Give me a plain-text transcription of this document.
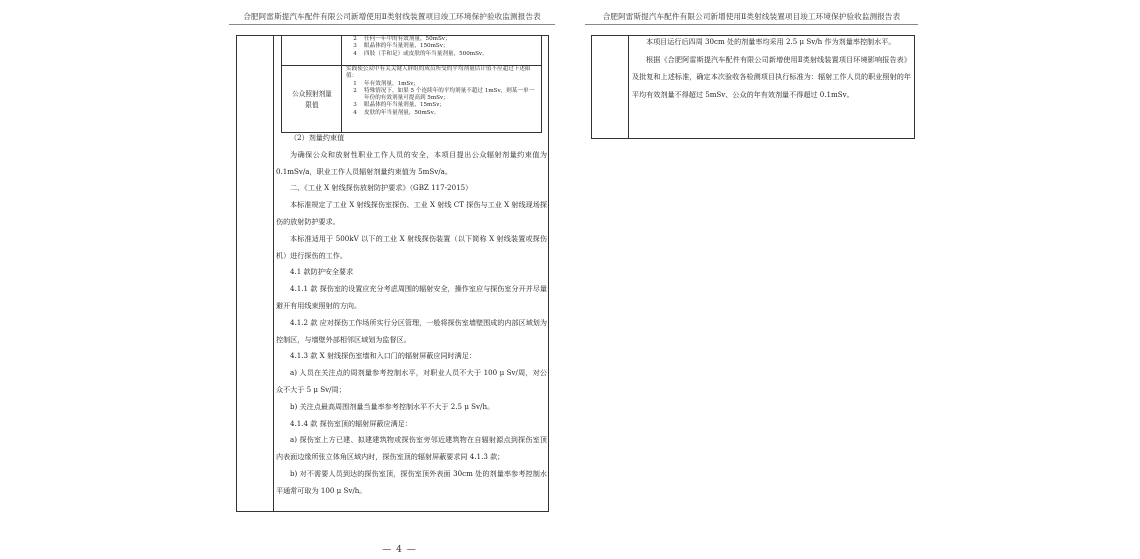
合肥阿雷斯提汽车配件有限公司新增使用Ⅱ类射线装置项目竣工环境保护验收监测报告表
2	任何一年中的有效剂量，50mSv；
3	眼晶体的年当量剂量，150mSv；
4	四肢（手和足）或皮肤的年当量剂量，500mSv。
公众照射剂量限值
实践使公众中有关关键人群组的成员所受的平均剂量估计值不应超过下述限值：
1	年有效剂量，1mSv；
2	特殊情况下，如果 5 个连续年的平均剂量不超过 1mSv，则某一单一年份的有效剂量可提高到 5mSv；
3	眼晶体的年当量剂量，15mSv；
4	皮肤的年当量剂量，50mSv。

（2）剂量约束值

为确保公众和放射性职业工作人员的安全，本项目提出公众辐射剂量约束值为 0.1mSv/a，职业工作人员辐射剂量约束值为 5mSv/a。

二、《工业 X 射线探伤放射防护要求》（GBZ 117-2015）

本标准规定了工业 X 射线探伤室探伤、工业 X 射线 CT 探伤与工业 X 射线现场探伤的放射防护要求。

本标准适用于 500kV 以下的工业 X 射线探伤装置（以下简称 X 射线装置或探伤机）进行探伤的工作。

4.1 款防护安全要求

4.1.1 款 探伤室的设置应充分考虑周围的辐射安全，操作室应与探伤室分开并尽量避开有用线束照射的方向。

4.1.2 款 应对探伤工作场所实行分区管理，一般将探伤室墙壁围成的内部区域划为控制区，与墙壁外部相邻区域划为监督区。

4.1.3 款 X 射线探伤室墙和入口门的辐射屏蔽应同时满足：

a) 人员在关注点的周剂量参考控制水平，对职业人员不大于 100 μ Sv/周，对公众不大于 5 μ Sv/周；

b) 关注点最高周围剂量当量率参考控制水平不大于 2.5 μ Sv/h。

4.1.4 款 探伤室顶的辐射屏蔽应满足：

a) 探伤室上方已建、拟建建筑物或探伤室旁邻近建筑物在自辐射源点到探伤室顶内表面边缘所张立体角区域内时，探伤室顶的辐射屏蔽要求同 4.1.3 款；

b) 对不需要人员到达的探伤室顶，探伤室顶外表面 30cm 处的剂量率参考控制水平通常可取为 100 μ Sv/h。

— 4 —
合肥阿雷斯提汽车配件有限公司新增使用Ⅱ类射线装置项目竣工环境保护验收监测报告表

本项目运行后四周 30cm 处的剂量率均采用 2.5 μ Sv/h 作为剂量率控制水平。

根据《合肥阿雷斯提汽车配件有限公司新增使用Ⅱ类射线装置项目环境影响报告表》及批复和上述标准，确定本次验收各检测项目执行标准为：辐射工作人员的职业照射的年平均有效剂量不得超过 5mSv、公众的年有效剂量不得超过 0.1mSv。
